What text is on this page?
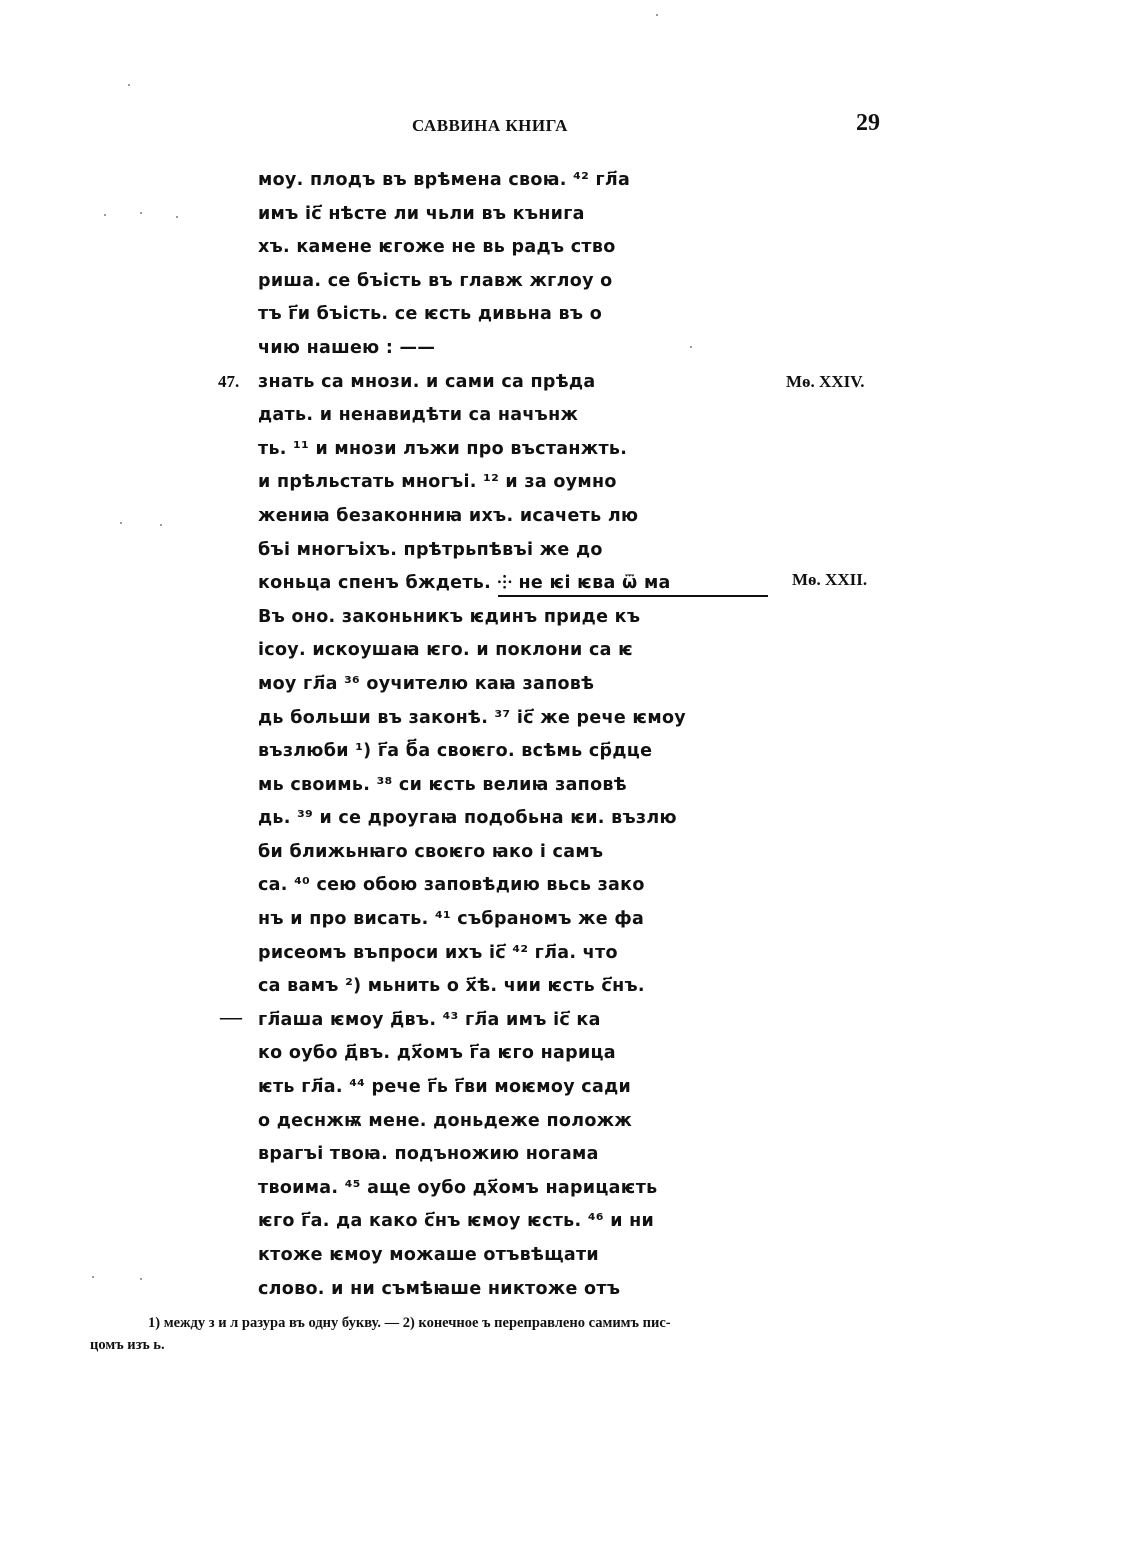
САВВИНА КНИГА	29
47.
—
моу. плодъ въ врѣмена своꙗ. ⁴² гл҃а
имъ іс҃ нѣсте ли чьли въ кънига
хъ. камене ѥгоже не вь радъ ство
риша. се бъість въ главж жглоу о
тъ г҃и бъість. се ѥсть дивьна въ о
чию нашею : ——
знать са мнози. и сами са прѣда
дать. и ненавидѣти са начънж
ть. ¹¹ и мнози лъжи про въстанжть.
и прѣльстать многъі. ¹² и за оумно
жениꙗ безаконниꙗ ихъ. исачеть лю
бъі многъіхъ. прѣтрьпѣвъі же до
коньца спенъ бждеть. ⸭ не ѥі ѥва ѿ ма
Въ оно. законьникъ ѥдинъ приде къ
ісоу. искоушаꙗ ѥго. и поклони са ѥ
моу гл҃а ³⁶ оучителю каꙗ заповѣ
дь больши въ законѣ. ³⁷ іс҃ же рече ѥмоу
възлюби ¹) г҃а б҃а своѥго. всѣмь ср҃дце
мь своимь. ³⁸ си ѥсть велиꙗ заповѣ
дь. ³⁹ и се дроугаꙗ подобьна ѥи. възлю
би ближьнꙗго своѥго ꙗко і самъ
са. ⁴⁰ сею обою заповѣдию вьсь зако
нъ и про висать. ⁴¹ събраномъ же фа
рисеомъ въпроси ихъ іс҃ ⁴² гл҃а. что
са вамъ ²) мьнить о х҃ѣ. чии ѥсть с҃нъ.
гл҃аша ѥмоу д҃въ. ⁴³ гл҃а имъ іс҃ ка
ко оубо д҃въ. дх҃омъ г҃а ѥго нарица
ѥть гл҃а. ⁴⁴ рече г҃ь г҃ви моѥмоу сади
о деснжѭ мене. доньдеже положж
врагъі твоꙗ. подъножию ногама
твоима. ⁴⁵ аще оубо дх҃омъ нарицаѥть
ѥго г҃а. да како с҃нъ ѥмоу ѥсть. ⁴⁶ и ни
ктоже ѥмоу можаше отъвѣщати
слово. и ни съмѣꙗше никтоже отъ
Мѳ. XXIV.
Мѳ. XXII.
1) между з и л разура въ одну букву. — 2) конечное ъ переправлено самимъ пис-
цомъ изъ ь.
